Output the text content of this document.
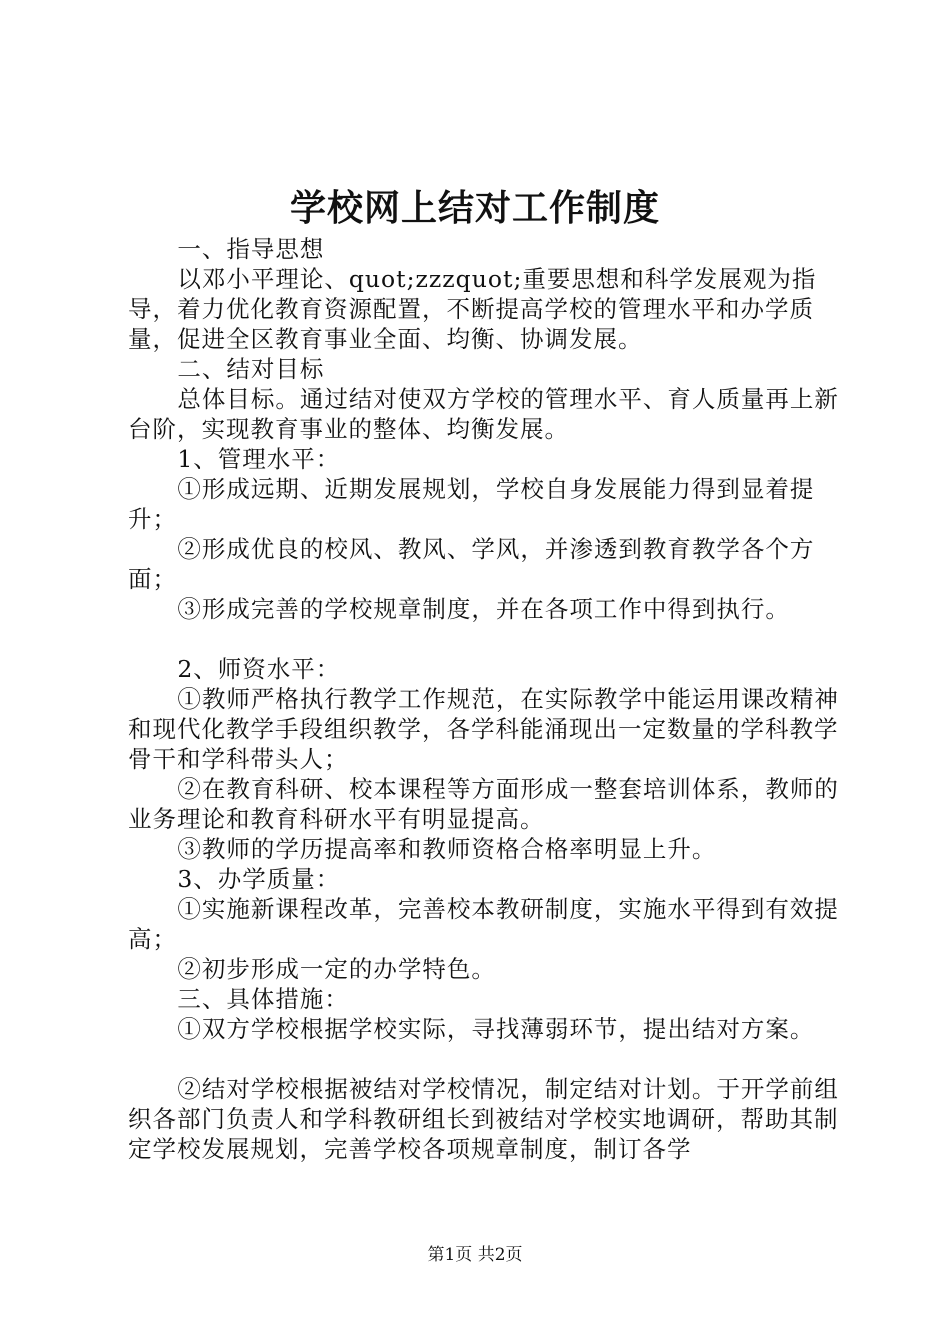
学校网上结对工作制度

一、指导思想

以邓小平理论、quot;zzzquot;重要思想和科学发展观为指导，着力优化教育资源配置，不断提高学校的管理水平和办学质量，促进全区教育事业全面、均衡、协调发展。

二、结对目标

总体目标。通过结对使双方学校的管理水平、育人质量再上新台阶，实现教育事业的整体、均衡发展。

1、管理水平：

①形成远期、近期发展规划，学校自身发展能力得到显着提升；

②形成优良的校风、教风、学风，并渗透到教育教学各个方面；

③形成完善的学校规章制度，并在各项工作中得到执行。

2、师资水平：

①教师严格执行教学工作规范，在实际教学中能运用课改精神和现代化教学手段组织教学，各学科能涌现出一定数量的学科教学骨干和学科带头人；

②在教育科研、校本课程等方面形成一整套培训体系，教师的业务理论和教育科研水平有明显提高。

③教师的学历提高率和教师资格合格率明显上升。

3、办学质量：

①实施新课程改革，完善校本教研制度，实施水平得到有效提高；

②初步形成一定的办学特色。

三、具体措施：

①双方学校根据学校实际，寻找薄弱环节，提出结对方案。

②结对学校根据被结对学校情况，制定结对计划。于开学前组织各部门负责人和学科教研组长到被结对学校实地调研，帮助其制定学校发展规划，完善学校各项规章制度，制订各学

第1页 共2页
